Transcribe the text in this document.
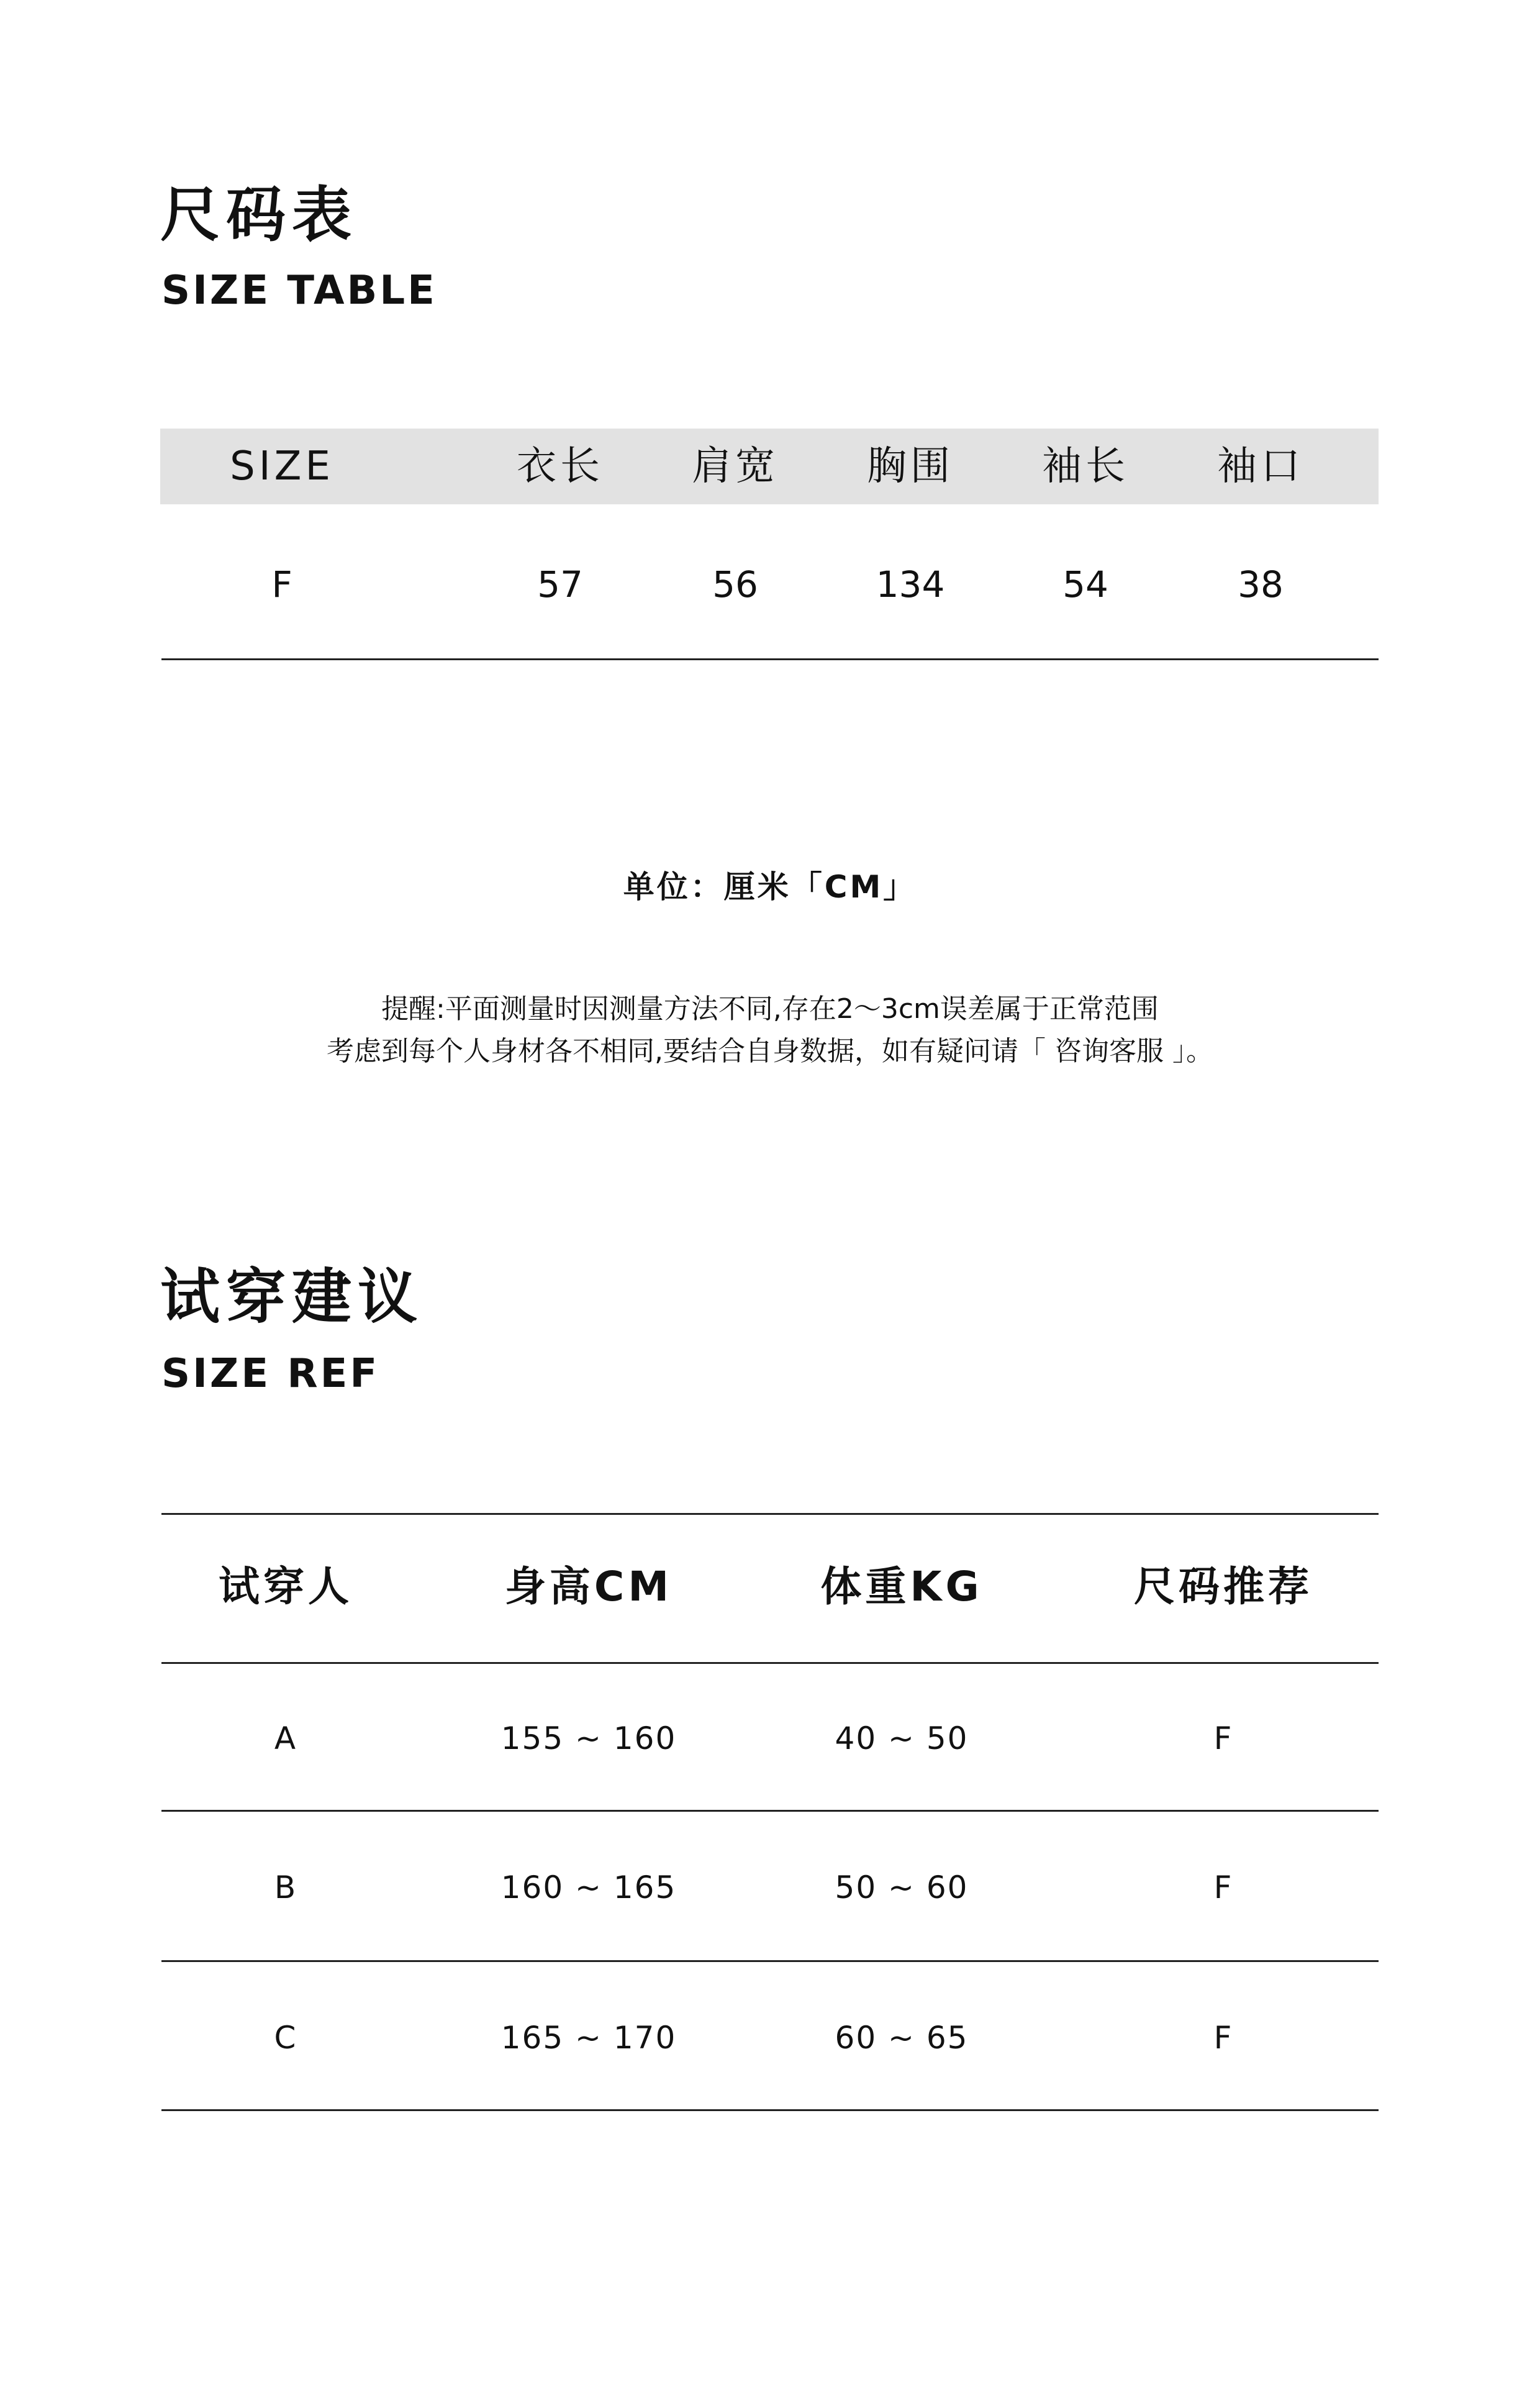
尺码表
SIZE TABLE
SIZE	衣长 肩宽 胸围 袖长 袖口
F	57	56	134	54	38
单位：厘米「CM」
提醒:平面测量时因测量方法不同,存在2～3cm误差属于正常范围
考虑到每个人身材各不相同,要结合自身数据，如有疑问请「 咨询客服 」。
试穿建议
SIZE REF
试穿人	身高CM	体重KG	尺码推荐
A	155 ~ 160	40 ~ 50	F
B	160 ~ 165	50 ~ 60	F
C	165 ~ 170	60 ~ 65	F
